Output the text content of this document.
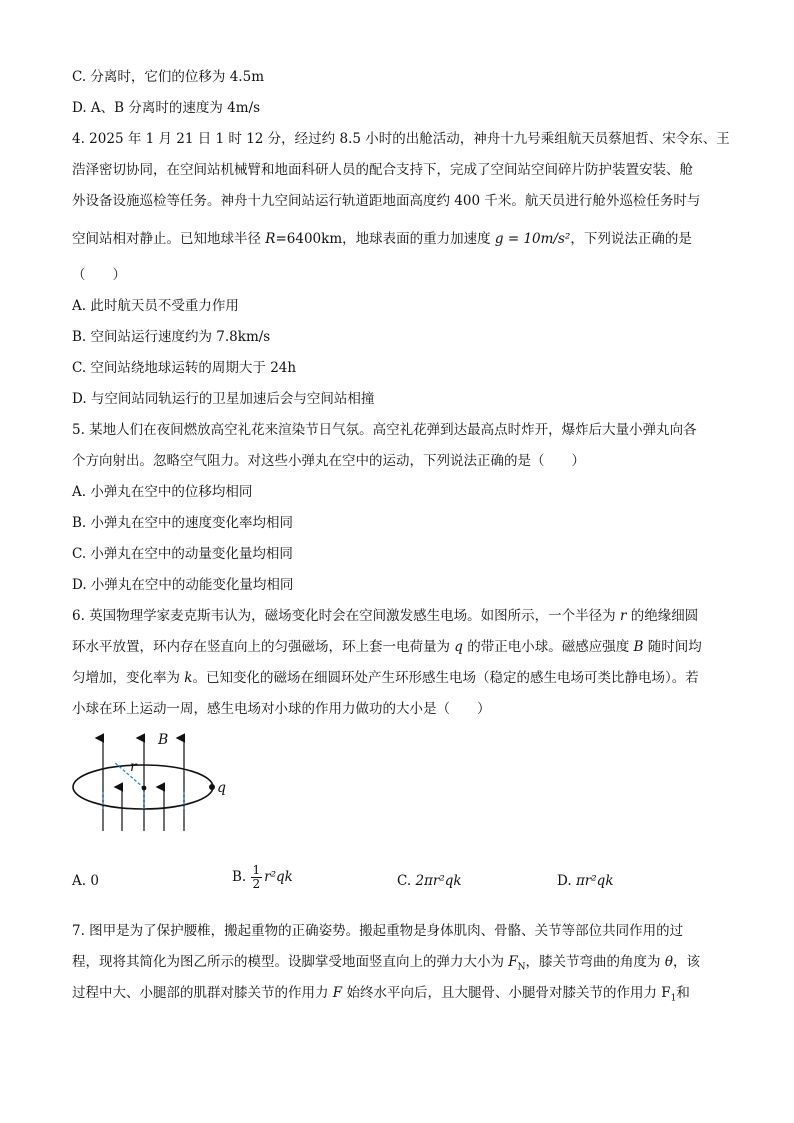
C. 分离时，它们的位移为 4.5m
D. A、B 分离时的速度为 4m/s
4. 2025 年 1 月 21 日 1 时 12 分，经过约 8.5 小时的出舱活动，神舟十九号乘组航天员蔡旭哲、宋令东、王
浩泽密切协同，在空间站机械臂和地面科研人员的配合支持下，完成了空间站空间碎片防护装置安装、舱
外设备设施巡检等任务。神舟十九空间站运行轨道距地面高度约 400 千米。航天员进行舱外巡检任务时与
空间站相对静止。已知地球半径 R=6400km，地球表面的重力加速度 g = 10m/s²，下列说法正确的是
（　　）
A. 此时航天员不受重力作用
B. 空间站运行速度约为 7.8km/s
C. 空间站绕地球运转的周期大于 24h
D. 与空间站同轨运行的卫星加速后会与空间站相撞
5. 某地人们在夜间燃放高空礼花来渲染节日气氛。高空礼花弹到达最高点时炸开，爆炸后大量小弹丸向各
个方向射出。忽略空气阻力。对这些小弹丸在空中的运动，下列说法正确的是（　　）
A. 小弹丸在空中的位移均相同
B. 小弹丸在空中的速度变化率均相同
C. 小弹丸在空中的动量变化量均相同
D. 小弹丸在空中的动能变化量均相同
6. 英国物理学家麦克斯韦认为，磁场变化时会在空间激发感生电场。如图所示，一个半径为 r 的绝缘细圆
环水平放置，环内存在竖直向上的匀强磁场，环上套一电荷量为 q 的带正电小球。磁感应强度 B 随时间均
匀增加，变化率为 k。已知变化的磁场在细圆环处产生环形感生电场（稳定的感生电场可类比静电场）。若
小球在环上运动一周，感生电场对小球的作用力做功的大小是（　　）
B
r
q
A. 0	B. $\frac{1}{2} r^2qk$	C. 2πr²qk	D. πr²qk
7. 图甲是为了保护腰椎，搬起重物的正确姿势。搬起重物是身体肌肉、骨骼、关节等部位共同作用的过
程，现将其简化为图乙所示的模型。设脚掌受地面竖直向上的弹力大小为 $F_N$，膝关节弯曲的角度为 θ，该
过程中大、小腿部的肌群对膝关节的作用力 F 始终水平向后，且大腿骨、小腿骨对膝关节的作用力 $F_1$和
